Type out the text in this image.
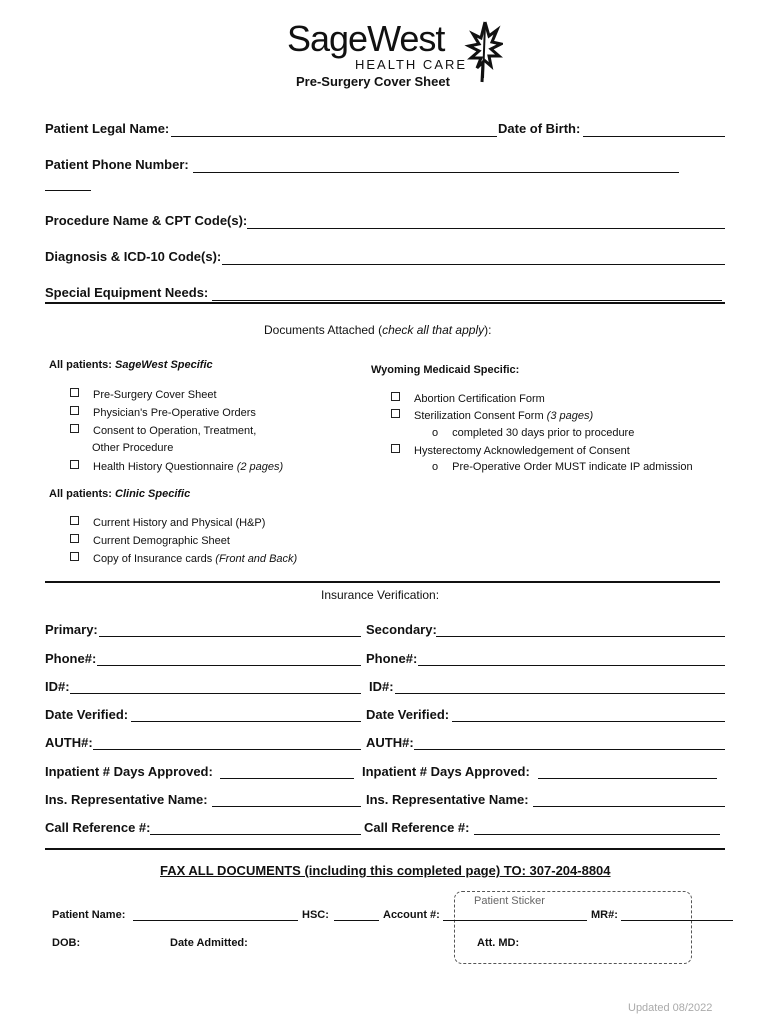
SageWest
HEALTH CARE
Pre-Surgery Cover Sheet
Patient Legal Name:	Date of Birth:
Patient Phone Number:
Procedure Name & CPT Code(s):
Diagnosis & ICD-10 Code(s):
Special Equipment Needs:
Documents Attached (check all that apply):
All patients: SageWest Specific
Pre-Surgery Cover Sheet
Physician's Pre-Operative Orders
Consent to Operation, Treatment,
Other Procedure
Health History Questionnaire (2 pages)
Wyoming Medicaid Specific:
Abortion Certification Form
Sterilization Consent Form (3 pages)
o completed 30 days prior to procedure
Hysterectomy Acknowledgement of Consent
o Pre-Operative Order MUST indicate IP admission
All patients: Clinic Specific
Current History and Physical (H&P)
Current Demographic Sheet
Copy of Insurance cards (Front and Back)
Insurance Verification:
Primary:	Secondary:
Phone#:	Phone#:
ID#:	ID#:
Date Verified:	Date Verified:
AUTH#:	AUTH#:
Inpatient # Days Approved:	Inpatient # Days Approved:
Ins. Representative Name:	Ins. Representative Name:
Call Reference #:	Call Reference #:
FAX ALL DOCUMENTS (including this completed page) TO: 307-204-8804
Patient Sticker
Patient Name:	HSC:	Account #:	MR#:
DOB:	Date Admitted:	Att. MD:
Updated 08/2022
